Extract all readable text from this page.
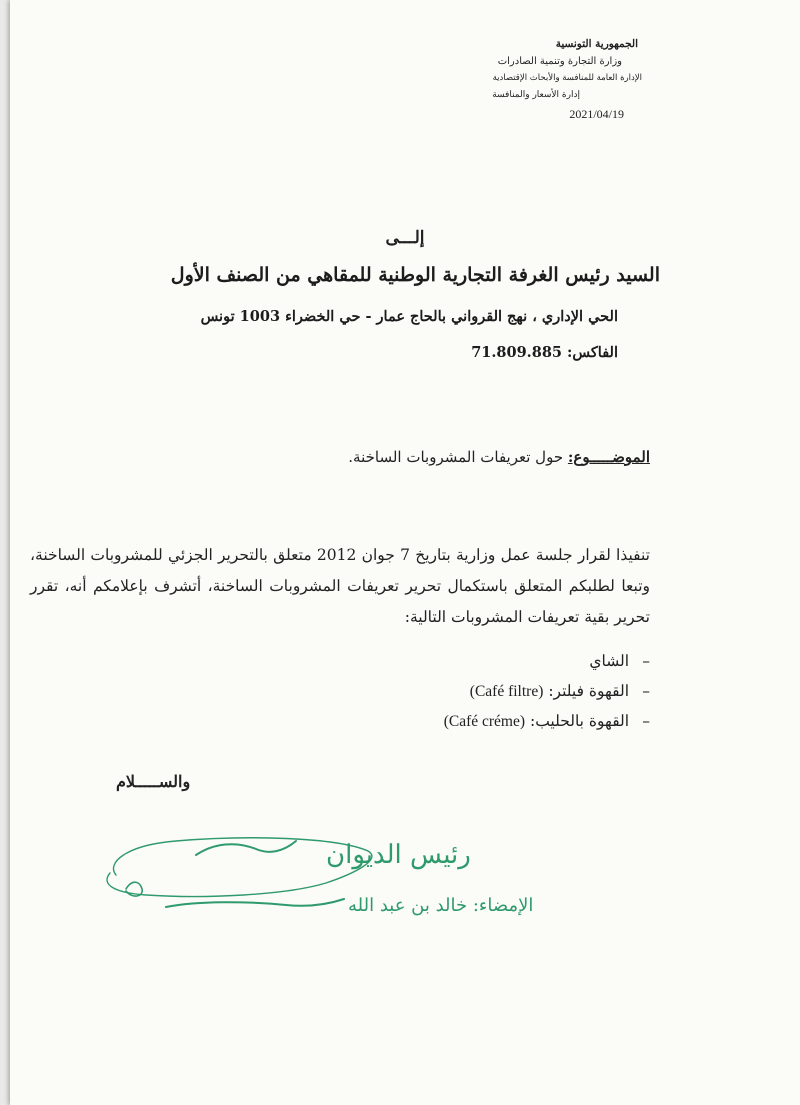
الجمهورية التونسية
وزارة التجارة وتنمية الصادرات
الإدارة العامة للمنافسة والأبحاث الإقتصادية
إدارة الأسعار والمنافسة
2021/04/19
إلـــى
السيد رئيس الغرفة التجارية الوطنية للمقاهي من الصنف الأول
الحي الإداري ، نهج القرواني بالحاج عمار - حي الخضراء 1003 تونس
الفاكس: 71.809.885
الموضـــــوع: حول تعريفات المشروبات الساخنة.
تنفيذا لقرار جلسة عمل وزارية بتاريخ 7 جوان 2012 متعلق بالتحرير الجزئي للمشروبات الساخنة، وتبعا لطلبكم المتعلق باستكمال تحرير تعريفات المشروبات الساخنة، أتشرف بإعلامكم أنه، تقرر تحرير بقية تعريفات المشروبات التالية:
– الشاي
– القهوة فيلتر: (Café filtre)
– القهوة بالحليب: (Café créme)
والســـــلام
رئيس الديوان
الإمضاء: خالد بن عبد الله
